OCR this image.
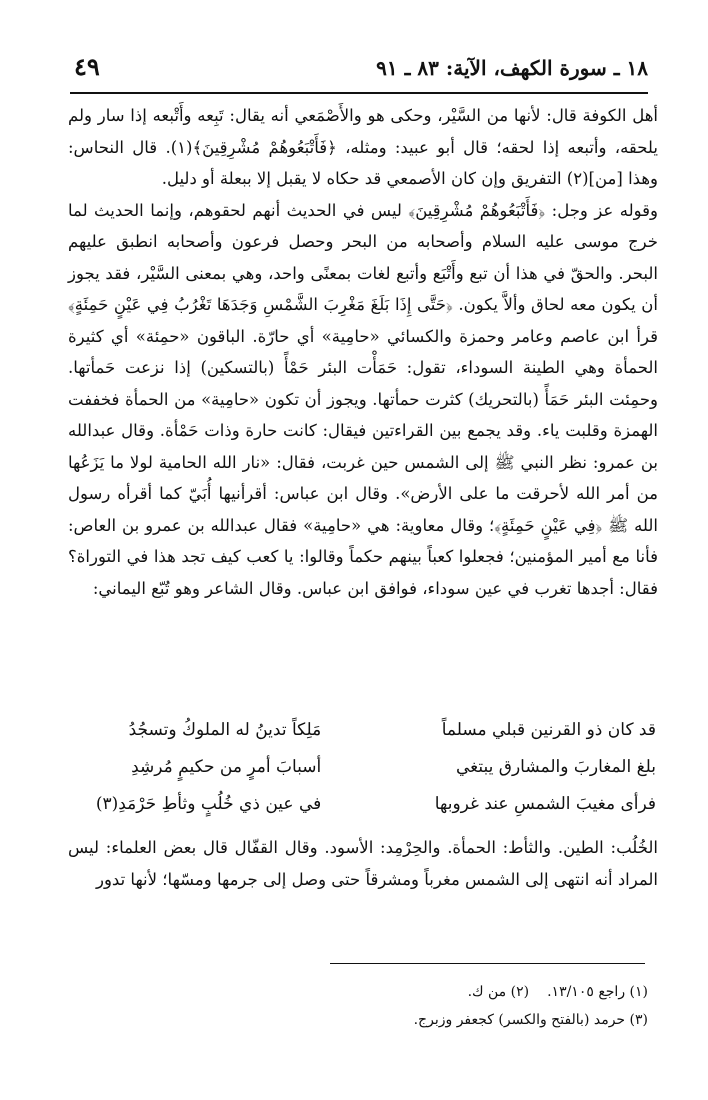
١٨ ـ سورة الكهف، الآية: ٨٣ ـ ٩١
٤٩

أهل الكوفة قال: لأنها من السَّيْر، وحكى هو والأَصْمَعي أنه يقال: تَبِعه وأَتْبعه إذا سار ولم يلحقه، وأتبعه إذا لحقه؛ قال أبو عبيد: ومثله، ﴿فَأَتْبَعُوهُمْ مُشْرِقِينَ﴾(١). قال النحاس: وهذا [من](٢) التفريق وإن كان الأصمعي قد حكاه لا يقبل إلا ببعلة أو دليل.

وقوله عز وجل: ﴿فَأَتْبَعُوهُمْ مُشْرِقِينَ﴾ ليس في الحديث أنهم لحقوهم، وإنما الحديث لما خرج موسى عليه السلام وأصحابه من البحر وحصل فرعون وأصحابه انطبق عليهم البحر. والحقّ في هذا أن تبع وأَتْبَع وأتبع لغات بمعنًى واحد، وهي بمعنى السَّيْر، فقد يجوز أن يكون معه لحاق وألاَّ يكون. ﴿حَتَّى إِذَا بَلَغَ مَغْرِبَ الشَّمْسِ وَجَدَهَا تَغْرُبُ فِي عَيْنٍ حَمِئَةٍ﴾ قرأ ابن عاصم وعامر وحمزة والكسائي «حامِية» أي حارّة. الباقون «حمِئة» أي كثيرة الحمأة وهي الطينة السوداء، تقول: حَمَأْت البئر حَمْأً (بالتسكين) إذا نزعت حَمأتها. وحمِئت البئر حَمَأً (بالتحريك) كثرت حمأتها. ويجوز أن تكون «حامِية» من الحمأة فخففت الهمزة وقلبت ياء. وقد يجمع بين القراءتين فيقال: كانت حارة وذات حَمْأة. وقال عبدالله بن عمرو: نظر النبي ﷺ إلى الشمس حين غربت، فقال: «نار الله الحامية لولا ما يَزَعُها من أمر الله لأحرقت ما على الأرض». وقال ابن عباس: أقرأنيها أُبَيّ كما أقرأه رسول الله ﷺ ﴿فِي عَيْنٍ حَمِئَةٍ﴾؛ وقال معاوية: هي «حامِية» فقال عبدالله بن عمرو بن العاص: فأنا مع أمير المؤمنين؛ فجعلوا كعباً بينهم حكماً وقالوا: يا كعب كيف تجد هذا في التوراة؟ فقال: أجدها تغرب في عين سوداء، فوافق ابن عباس. وقال الشاعر وهو تُبّع اليماني:

قد كان ذو القرنين قبلي مسلماً
مَلِكاً تدينُ له الملوكُ وتسجُدُ
بلغ المغاربَ والمشارق يبتغي
أسبابَ أمرٍ من حكيمٍ مُرشِدِ
فرأى مغيبَ الشمسِ عند غروبها
في عين ذي خُلُبٍ وثأطِ حَرْمَدِ(٣)
الخُلُب: الطين. والثأط: الحمأة. والحِرْمِد: الأسود. وقال القفّال قال بعض العلماء: ليس المراد أنه انتهى إلى الشمس مغرباً ومشرقاً حتى وصل إلى جرمها ومسّها؛ لأنها تدور
(١) راجع ١٣/١٠٥.(٢) من ك.
(٣) حرمد (بالفتح والكسر) كجعفر وزبرج.
